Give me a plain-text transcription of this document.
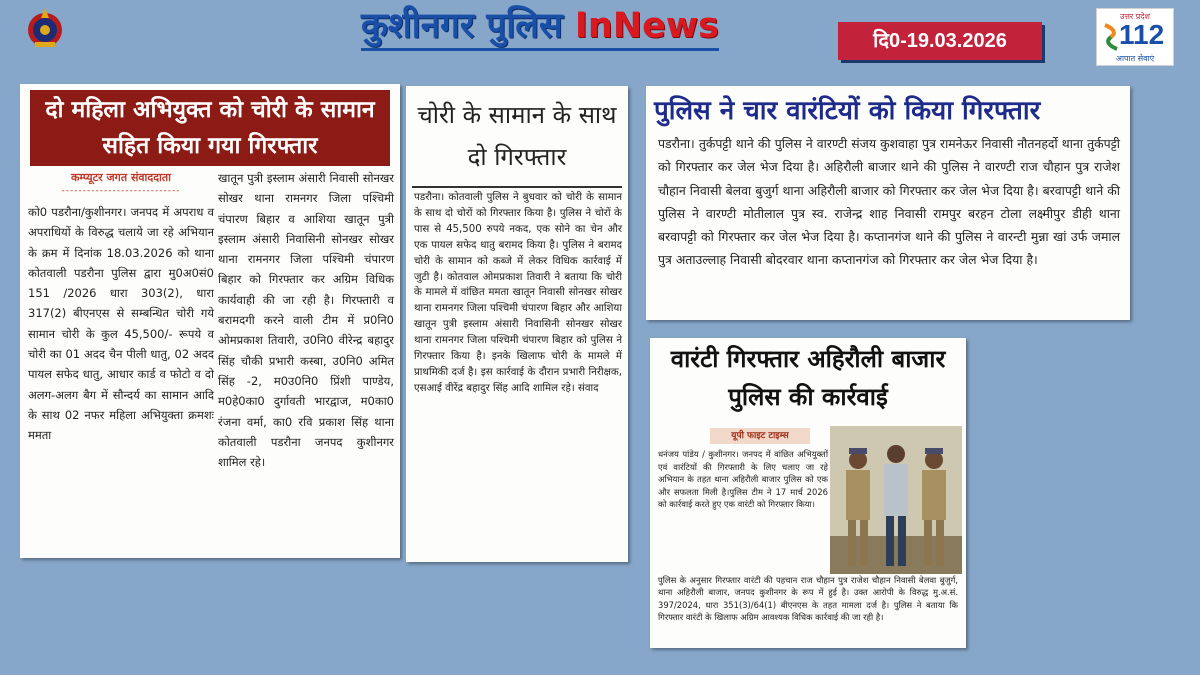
कुशीनगर पुलिस InNews	दि0-19.03.2026
उत्तर प्रदेश
112
आपात सेवाएं
दो महिला अभियुक्त को चोरी के सामान सहित किया गया गिरफ्तार
कम्प्यूटर जगत संवाददाता
----------------------------
को0 पडरौना/कुशीनगर। जनपद में अपराध व अपराधियों के विरुद्ध चलाये जा रहे अभियान के क्रम में दिनांक 18.03.2026 को थाना कोतवाली पडरौना पुलिस द्वारा मु0अ0सं0 151 /2026 धारा 303(2), धारा 317(2) बीएनएस से सम्बन्धित चोरी गये सामान चोरी के कुल 45,500/- रूपये व चोरी का 01 अदद चैन पीली धातु, 02 अदद पायल सफेद धातु, आधार कार्ड व फोटो व दो अलग-अलग बैग में सौन्दर्य का सामान आदि के साथ 02 नफर महिला अभियुक्ता क्रमशः ममता
खातून पुत्री इस्लाम अंसारी निवासी सोनखर सोखर थाना रामनगर जिला पश्चिमी चंपारण बिहार व आशिया खातून पुत्री इस्लाम अंसारी निवासिनी सोनखर सोखर थाना रामनगर जिला पश्चिमी चंपारण बिहार को गिरफ्तार कर अग्रिम विधिक कार्यवाही की जा रही है। गिरफ्तारी व बरामदगी करने वाली टीम में प्र0नि0 ओमप्रकाश तिवारी, उ0नि0 वीरेन्द्र बहादुर सिंह चौकी प्रभारी कस्बा, उ0नि0 अमित सिंह -2, म0उ0नि0 प्रिंशी पाण्डेय, म0हे0का0 दुर्गावती भारद्वाज, म0का0 रंजना वर्मा, का0 रवि प्रकाश सिंह थाना कोतवाली पडरौना जनपद कुशीनगर शामिल रहे।
चोरी के सामान के साथ दो गिरफ्तार
पडरौना। कोतवाली पुलिस ने बुधवार को चोरी के सामान के साथ दो चोरों को गिरफ्तार किया है। पुलिस ने चोरों के पास से 45,500 रुपये नकद, एक सोने का चेन और एक पायल सफेद धातु बरामद किया है। पुलिस ने बरामद चोरी के सामान को कब्जे में लेकर विधिक कार्रवाई में जुटी है। कोतवाल ओमप्रकाश तिवारी ने बताया कि चोरी के मामले में वांछित ममता खातून निवासी सोनखर सोखर थाना रामनगर जिला पश्चिमी चंपारण बिहार और आशिया खातून पुत्री इस्लाम अंसारी निवासिनी सोनखर सोखर थाना रामनगर जिला पश्चिमी चंपारण बिहार को पुलिस ने गिरफ्तार किया है। इनके खिलाफ चोरी के मामले में प्राथमिकी दर्ज है। इस कार्रवाई के दौरान प्रभारी निरीक्षक, एसआई वीरेंद्र बहादुर सिंह आदि शामिल रहे। संवाद
पुलिस ने चार वारंटियों को किया गिरफ्तार
पडरौना। तुर्कपट्टी थाने की पुलिस ने वारण्टी संजय कुशवाहा पुत्र रामनेऊर निवासी नौतनहर्दो थाना तुर्कपट्टी को गिरफ्तार कर जेल भेज दिया है। अहिरौली बाजार थाने की पुलिस ने वारण्टी राज चौहान पुत्र राजेश चौहान निवासी बेलवा बुजुर्ग थाना अहिरौली बाजार को गिरफ्तार कर जेल भेज दिया है। बरवापट्टी थाने की पुलिस ने वारण्टी मोतीलाल पुत्र स्व. राजेन्द्र शाह निवासी रामपुर बरहन टोला लक्ष्मीपुर डीही थाना बरवापट्टी को गिरफ्तार कर जेल भेज दिया है। कप्तानगंज थाने की पुलिस ने वारन्टी मुन्ना खां उर्फ जमाल पुत्र अताउल्लाह निवासी बोदरवार थाना कप्तानगंज को गिरफ्तार कर जेल भेज दिया है।
वारंटी गिरफ्तार अहिरौली बाजार पुलिस की कार्रवाई
यूपी फाइट टाइम्स
धनंजय पांडेय / कुशीनगर। जनपद में वांछित अभियुक्तों एवं वारंटियों की गिरफ्तारी के लिए चलाए जा रहे अभियान के तहत थाना अहिरौली बाजार पुलिस को एक और सफलता मिली है।पुलिस टीम ने 17 मार्च 2026 को कार्रवाई करते हुए एक वारंटी को गिरफ्तार किया।
पुलिस के अनुसार गिरफ्तार वारंटी की पहचान राज चौहान पुत्र राजेश चौहान निवासी बेलवा बुजुर्ग, थाना अहिरौली बाजार, जनपद कुशीनगर के रूप में हुई है। उक्त आरोपी के विरुद्ध मु.अ.सं. 397/2024, धारा 351(3)/64(1) बीएनएस के तहत मामला दर्ज है। पुलिस ने बताया कि गिरफ्तार वारंटी के खिलाफ अग्रिम आवश्यक विधिक कार्रवाई की जा रही है।
